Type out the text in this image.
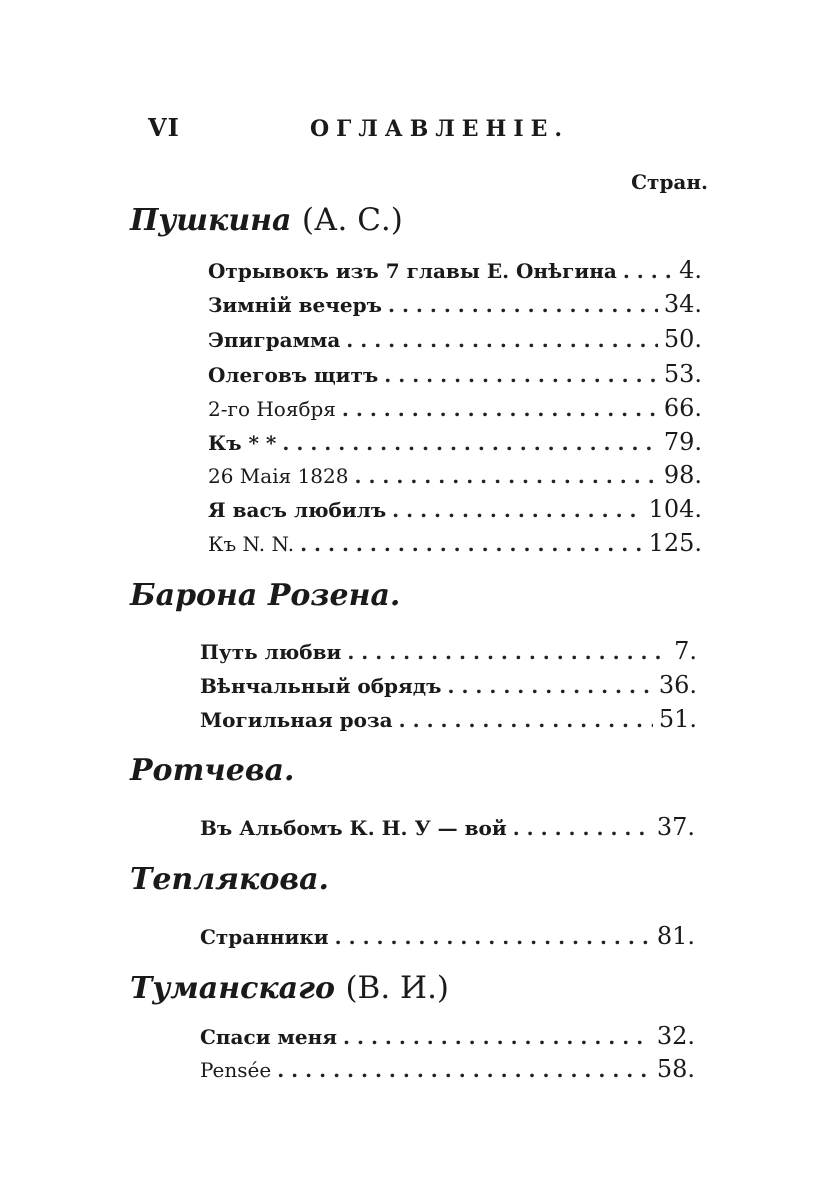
VI	ОГЛАВЛЕНІЕ.
Стран.
Пушкина (А. С.)
Отрывокъ изъ 7 главы Е. Онѣгина .....	4.
Зимній вечеръ .....	34.
Эпиграмма .....	50.
Олеговъ щитъ .....	53.
2-го Ноября .....	66.
Къ * * .....	79.
26 Маія 1828 .....	98.
Я васъ любилъ .....	104.
Къ N. N. .....	125.
Барона Розена.
Путь любви .....	7.
Вѣнчальный обрядъ .....	36.
Могильная роза .....	51.
Ротчева.
Въ Альбомъ К. Н. У — вой .....	37.
Теплякова.
Странники .....	81.
Туманскаго (В. И.)
Спаси меня .....	32.
Pensée .....	58.
